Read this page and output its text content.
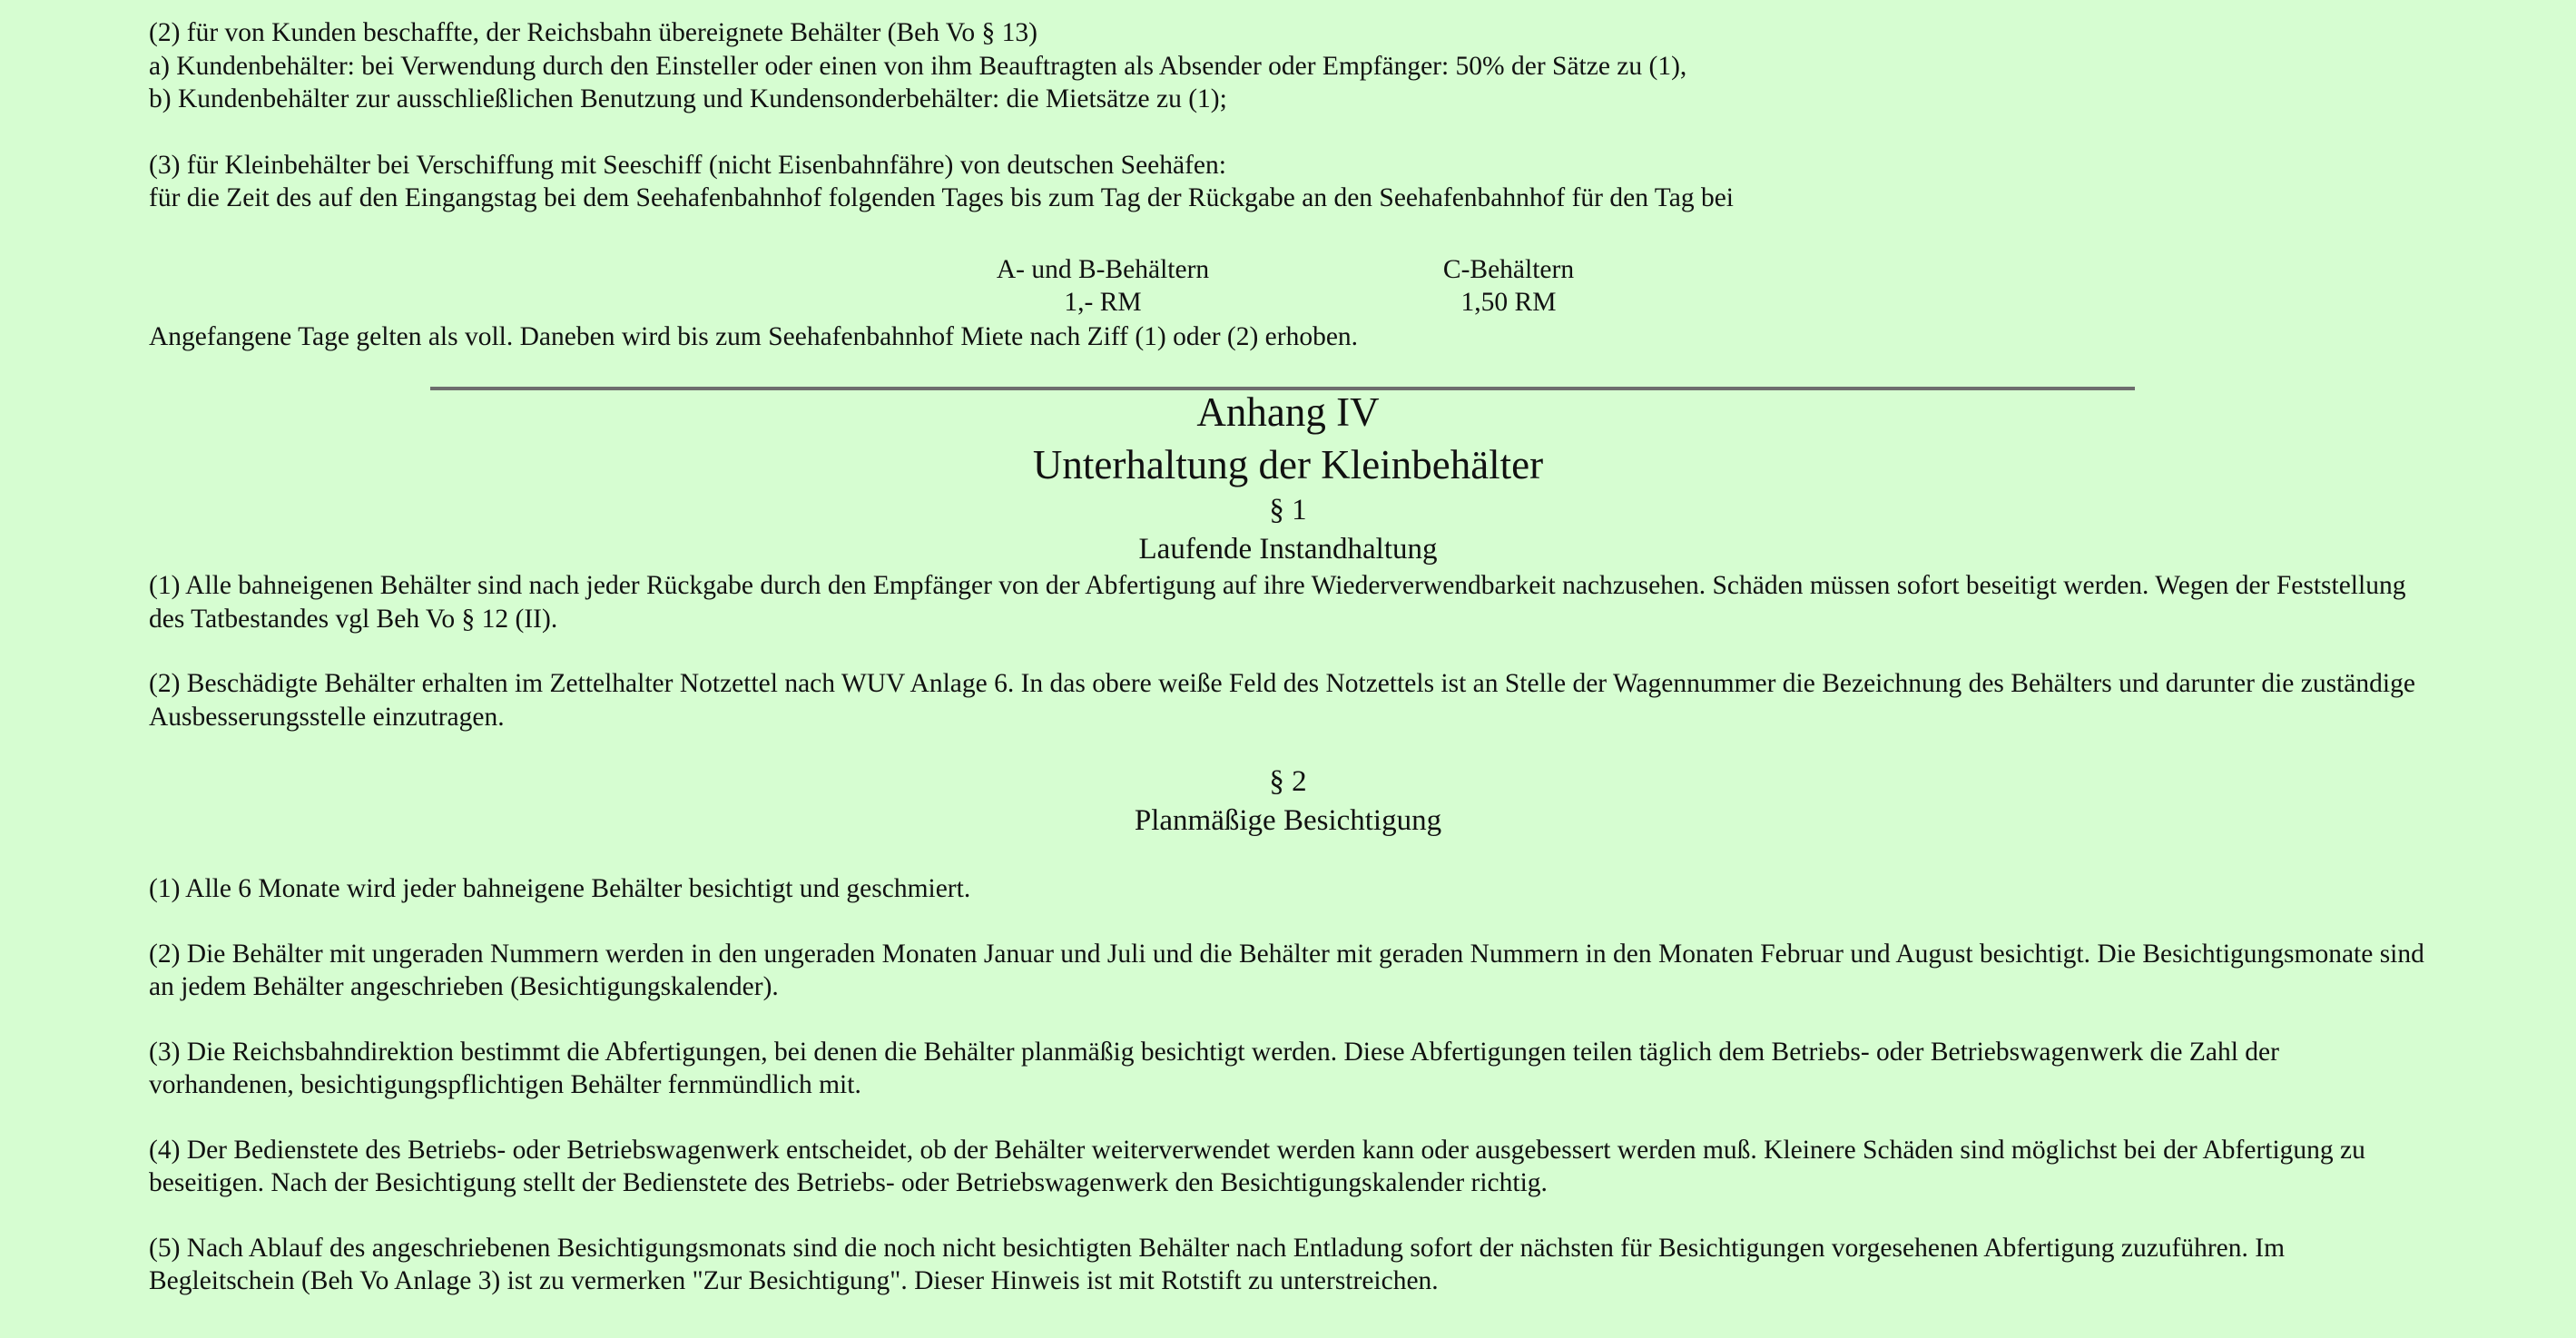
(2) für von Kunden beschaffte, der Reichsbahn übereignete Behälter (Beh Vo § 13)

a) Kundenbehälter: bei Verwendung durch den Einsteller oder einen von ihm Beauftragten als Absender oder Empfänger: 50% der Sätze zu (1),

b) Kundenbehälter zur ausschließlichen Benutzung und Kundensonderbehälter: die Mietsätze zu (1);

(3) für Kleinbehälter bei Verschiffung mit Seeschiff (nicht Eisenbahnfähre) von deutschen Seehäfen:

für die Zeit des auf den Eingangstag bei dem Seehafenbahnhof folgenden Tages bis zum Tag der Rückgabe an den Seehafenbahnhof für den Tag bei

A- und B-Behältern
1,- RM
C-Behältern
1,50 RM

Angefangene Tage gelten als voll. Daneben wird bis zum Seehafenbahnhof Miete nach Ziff (1) oder (2) erhoben.

Anhang IV
Unterhaltung der Kleinbehälter
§ 1
Laufende Instandhaltung

(1) Alle bahneigenen Behälter sind nach jeder Rückgabe durch den Empfänger von der Abfertigung auf ihre Wiederverwendbarkeit nachzusehen. Schäden müssen sofort beseitigt werden. Wegen der Feststellung des Tatbestandes vgl Beh Vo § 12 (II).

(2) Beschädigte Behälter erhalten im Zettelhalter Notzettel nach WUV Anlage 6. In das obere weiße Feld des Notzettels ist an Stelle der Wagennummer die Bezeichnung des Behälters und darunter die zuständige Ausbesserungsstelle einzutragen.

§ 2
Planmäßige Besichtigung

(1) Alle 6 Monate wird jeder bahneigene Behälter besichtigt und geschmiert.

(2) Die Behälter mit ungeraden Nummern werden in den ungeraden Monaten Januar und Juli und die Behälter mit geraden Nummern in den Monaten Februar und August besichtigt. Die Besichtigungsmonate sind an jedem Behälter angeschrieben (Besichtigungskalender).

(3) Die Reichsbahndirektion bestimmt die Abfertigungen, bei denen die Behälter planmäßig besichtigt werden. Diese Abfertigungen teilen täglich dem Betriebs- oder Betriebswagenwerk die Zahl der vorhandenen, besichtigungspflichtigen Behälter fernmündlich mit.

(4) Der Bedienstete des Betriebs- oder Betriebswagenwerk entscheidet, ob der Behälter weiterverwendet werden kann oder ausgebessert werden muß. Kleinere Schäden sind möglichst bei der Abfertigung zu beseitigen. Nach der Besichtigung stellt der Bedienstete des Betriebs- oder Betriebswagenwerk den Besichtigungskalender richtig.

(5) Nach Ablauf des angeschriebenen Besichtigungsmonats sind die noch nicht besichtigten Behälter nach Entladung sofort der nächsten für Besichtigungen vorgesehenen Abfertigung zuzuführen. Im Begleitschein (Beh Vo Anlage 3) ist zu vermerken "Zur Besichtigung". Dieser Hinweis ist mit Rotstift zu unterstreichen.
